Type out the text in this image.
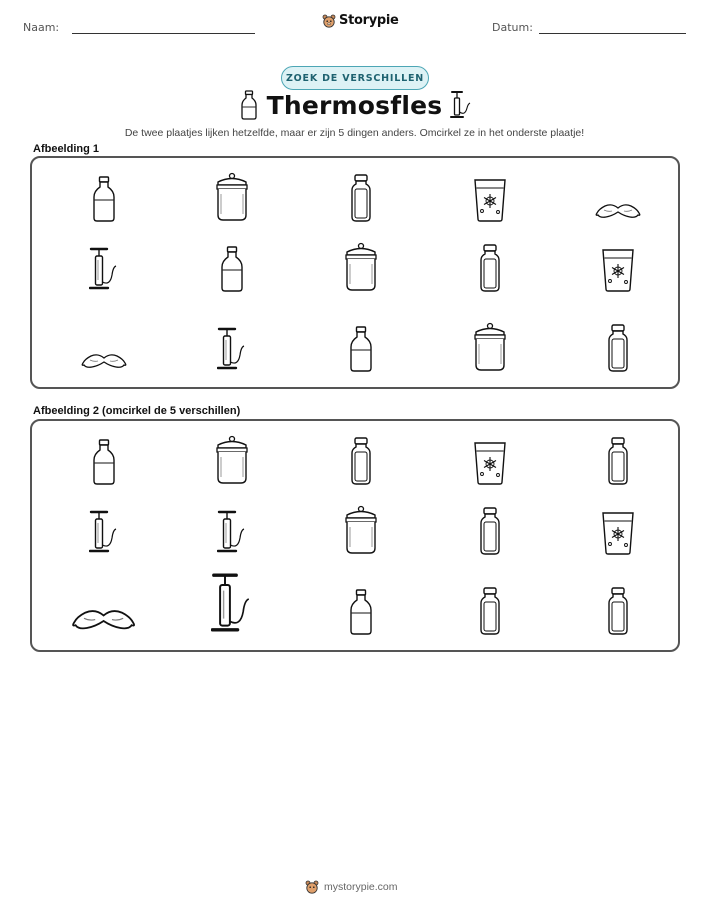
Naam:	Storypie	Datum:
ZOEK DE VERSCHILLEN
Thermosfles
De twee plaatjes lijken hetzelfde, maar er zijn 5 dingen anders. Omcirkel ze in het onderste plaatje!
Afbeelding 1
Afbeelding 2 (omcirkel de 5 verschillen)
mystorypie.com
